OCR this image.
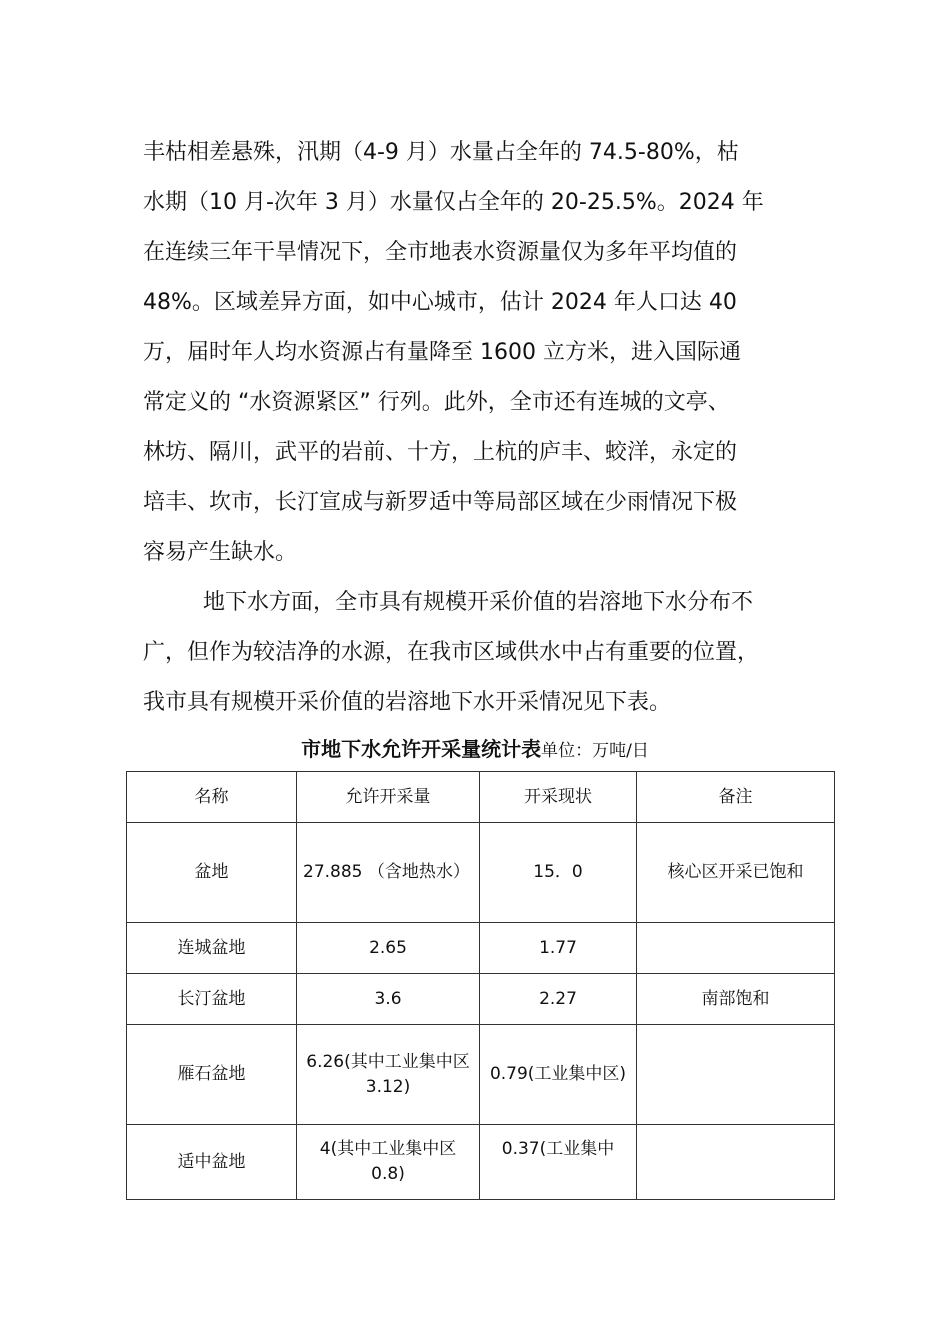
丰枯相差悬殊，汛期（4-9 月）水量占全年的 74.5-80%，枯
水期（10 月-次年 3 月）水量仅占全年的 20-25.5%。2024 年
在连续三年干旱情况下，全市地表水资源量仅为多年平均值的
48%。区域差异方面，如中心城市，估计 2024 年人口达 40
万，届时年人均水资源占有量降至 1600 立方米，进入国际通
常定义的 “水资源紧区” 行列。此外，全市还有连城的文亭、
林坊、隔川，武平的岩前、十方，上杭的庐丰、蛟洋，永定的
培丰、坎市，长汀宣成与新罗适中等局部区域在少雨情况下极
容易产生缺水。
地下水方面，全市具有规模开采价值的岩溶地下水分布不
广，但作为较洁净的水源，在我市区域供水中占有重要的位置，
我市具有规模开采价值的岩溶地下水开采情况见下表。
市地下水允许开采量统计表单位：万吨/日
名称	允许开采量	开采现状	备注
盆地	27.885 （含地热水）	15．0	核心区开采已饱和
连城盆地	2.65	1.77	
长汀盆地	3.6	2.27	南部饱和
雁石盆地	6.26(其中工业集中区 3.12)	0.79(工业集中区)	
适中盆地	4(其中工业集中区 0.8)	0.37(工业集中	
